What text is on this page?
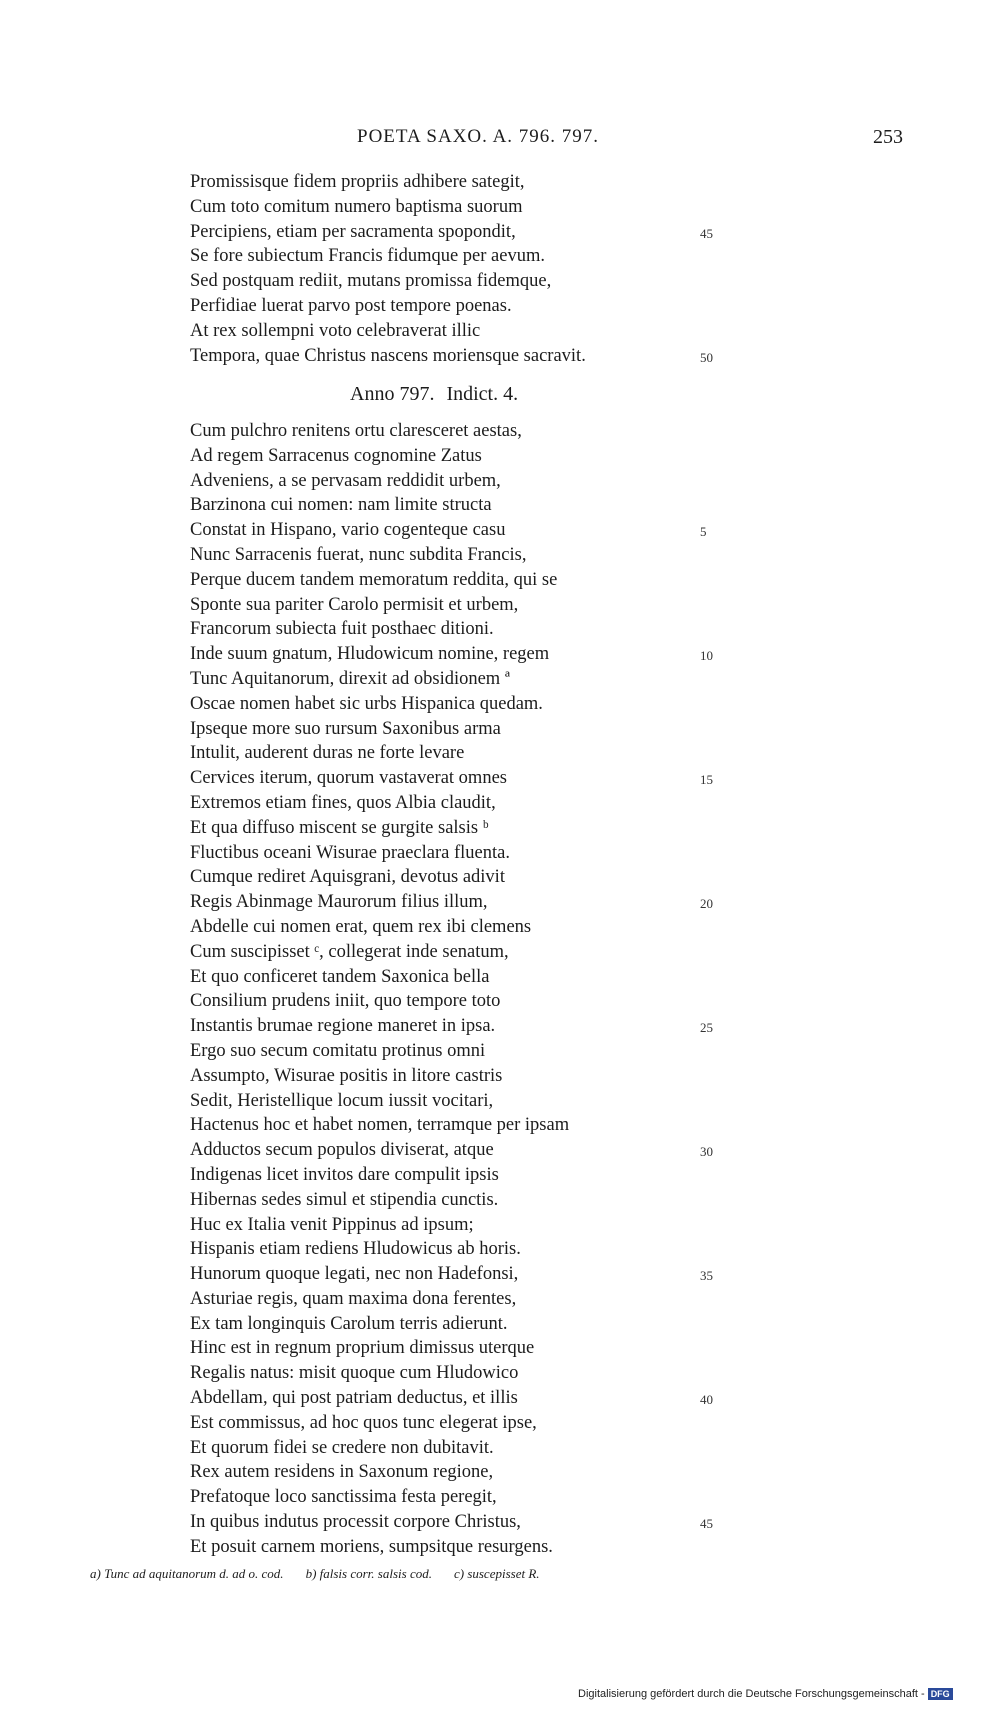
POETA SAXO. A. 796. 797.	253
Promissisque fidem propriis adhibere sategit,
Cum toto comitum numero baptisma suorum
Percipiens, etiam per sacramenta spopondit,	45
Se fore subiectum Francis fidumque per aevum.
Sed postquam rediit, mutans promissa fidemque,
Perfidiae luerat parvo post tempore poenas.
At rex sollempni voto celebraverat illic
Tempora, quae Christus nascens moriensque sacravit.	50
Anno 797. Indict. 4.
Cum pulchro renitens ortu claresceret aestas,
Ad regem Sarracenus cognomine Zatus
Adveniens, a se pervasam reddidit urbem,
Barzinona cui nomen: nam limite structa
Constat in Hispano, vario cogenteque casu	5
Nunc Sarracenis fuerat, nunc subdita Francis,
Perque ducem tandem memoratum reddita, qui se
Sponte sua pariter Carolo permisit et urbem,
Francorum subiecta fuit posthaec ditioni.
Inde suum gnatum, Hludowicum nomine, regem	10
Tunc Aquitanorum, direxit ad obsidionem ª
Oscae nomen habet sic urbs Hispanica quedam.
Ipseque more suo rursum Saxonibus arma
Intulit, auderent duras ne forte levare
Cervices iterum, quorum vastaverat omnes	15
Extremos etiam fines, quos Albia claudit,
Et qua diffuso miscent se gurgite salsis ᵇ
Fluctibus oceani Wisurae praeclara fluenta.
Cumque rediret Aquisgrani, devotus adivit
Regis Abinmage Maurorum filius illum,	20
Abdelle cui nomen erat, quem rex ibi clemens
Cum suscipisset ᶜ, collegerat inde senatum,
Et quo conficeret tandem Saxonica bella
Consilium prudens iniit, quo tempore toto
Instantis brumae regione maneret in ipsa.	25
Ergo suo secum comitatu protinus omni
Assumpto, Wisurae positis in litore castris
Sedit, Heristellique locum iussit vocitari,
Hactenus hoc et habet nomen, terramque per ipsam
Adductos secum populos diviserat, atque	30
Indigenas licet invitos dare compulit ipsis
Hibernas sedes simul et stipendia cunctis.
Huc ex Italia venit Pippinus ad ipsum;
Hispanis etiam rediens Hludowicus ab horis.
Hunorum quoque legati, nec non Hadefonsi,	35
Asturiae regis, quam maxima dona ferentes,
Ex tam longinquis Carolum terris adierunt.
Hinc est in regnum proprium dimissus uterque
Regalis natus: misit quoque cum Hludowico
Abdellam, qui post patriam deductus, et illis	40
Est commissus, ad hoc quos tunc elegerat ipse,
Et quorum fidei se credere non dubitavit.
Rex autem residens in Saxonum regione,
Prefatoque loco sanctissima festa peregit,
In quibus indutus processit corpore Christus,	45
Et posuit carnem moriens, sumpsitque resurgens.
a) Tunc ad aquitanorum d. ad o. cod. b) falsis corr. salsis cod. c) suscepisset R.
Digitalisierung gefördert durch die Deutsche Forschungsgemeinschaft - DFG
